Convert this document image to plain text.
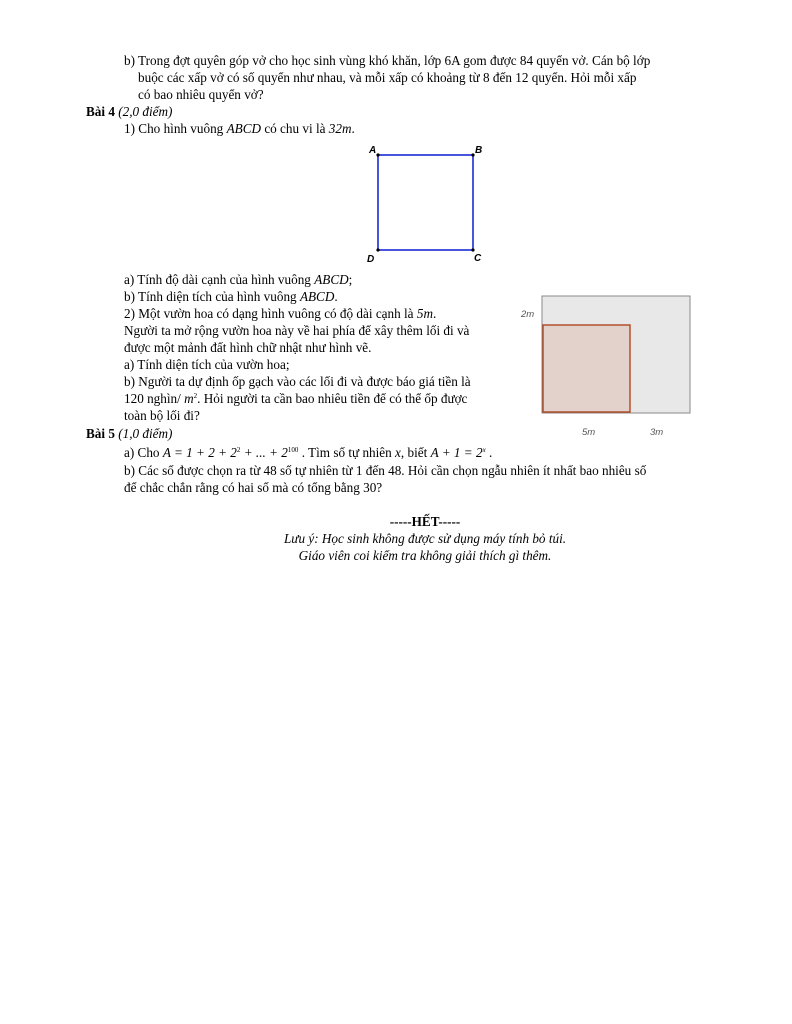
b) Trong đợt quyên góp vở cho học sinh vùng khó khăn, lớp 6A gom được 84 quyển vở. Cán bộ lớp
buộc các xấp vở có số quyển như nhau, và mỗi xấp có khoảng từ 8 đến 12 quyển. Hỏi mỗi xấp
có bao nhiêu quyển vở?
Bài 4 (2,0 điểm)
1) Cho hình vuông ABCD có chu vi là 32m.
A	B
C
D
a) Tính độ dài cạnh của hình vuông ABCD;
b) Tính diện tích của hình vuông ABCD.
2) Một vườn hoa có dạng hình vuông có độ dài cạnh là 5m.
Người ta mở rộng vườn hoa này về hai phía để xây thêm lối đi và
được một mảnh đất hình chữ nhật như hình vẽ.
a) Tính diện tích của vườn hoa;
b) Người ta dự định ốp gạch vào các lối đi và được báo giá tiền là
120 nghìn/ $m^2$. Hỏi người ta cần bao nhiêu tiền để có thể ốp được
toàn bộ lối đi?
2m
5m	3m
Bài 5 (1,0 điểm)
a) Cho $A = 1 + 2 + 2^2$ + ... + $2^{100}$ . Tìm số tự nhiên x, biết $A + 1 = 2^x$ .
b) Các số được chọn ra từ 48 số tự nhiên từ 1 đến 48. Hỏi cần chọn ngẫu nhiên ít nhất bao nhiêu số
để chắc chắn rằng có hai số mà có tổng bằng 30?
-----HẾT-----
Lưu ý: Học sinh không được sử dụng máy tính bỏ túi.
Giáo viên coi kiểm tra không giải thích gì thêm.
